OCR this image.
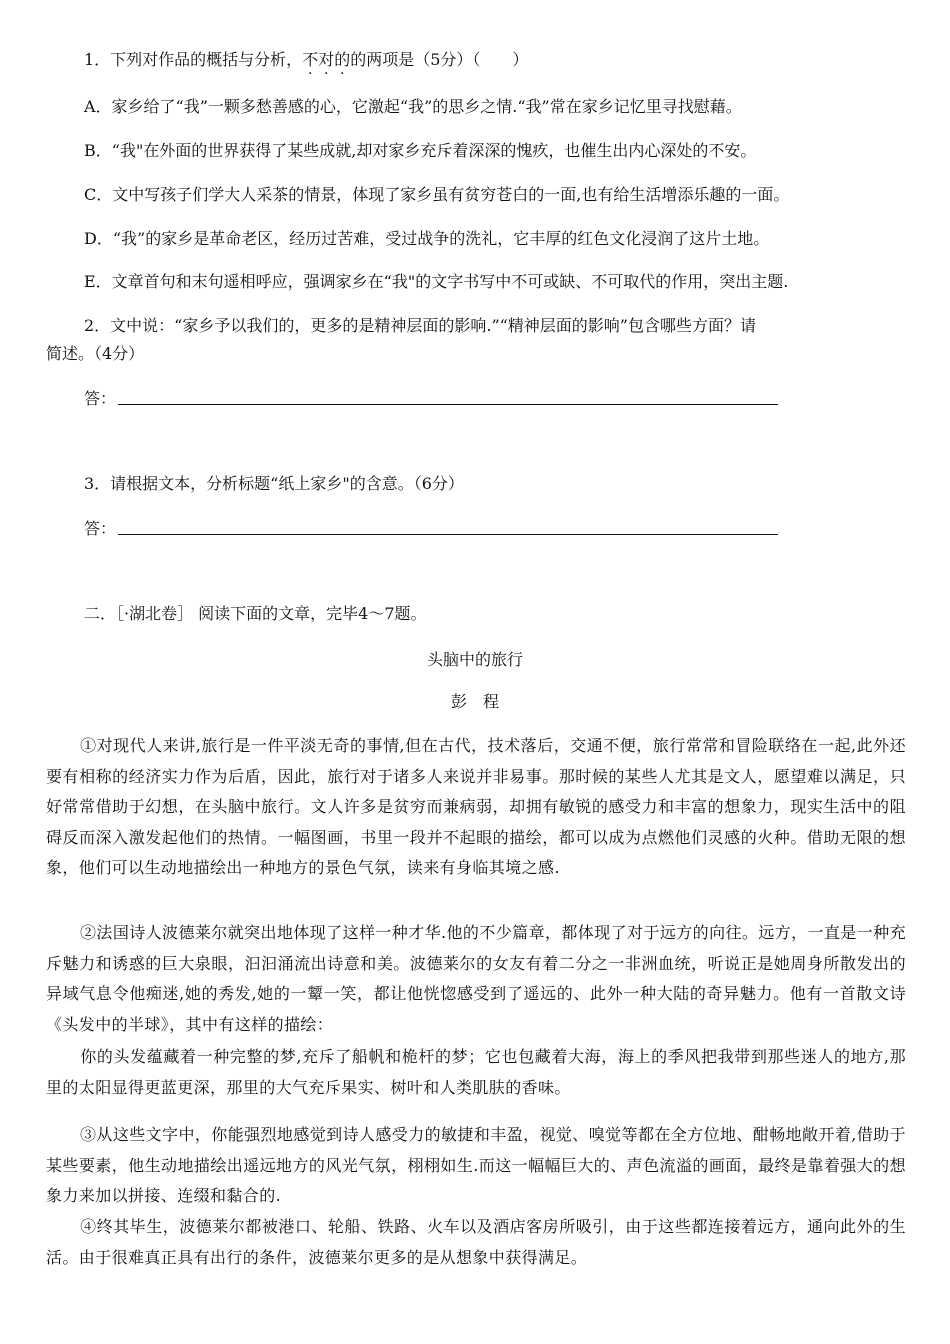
1．下列对作品的概括与分析，不对的的两项是（5分）（　　）
A．家乡给了“我”一颗多愁善感的心，它激起“我”的思乡之情.“我”常在家乡记忆里寻找慰藉。
B．“我"在外面的世界获得了某些成就,却对家乡充斥着深深的愧疚，也催生出内心深处的不安。
C．文中写孩子们学大人采茶的情景，体现了家乡虽有贫穷苍白的一面,也有给生活增添乐趣的一面。
D．“我”的家乡是革命老区，经历过苦难，受过战争的洗礼，它丰厚的红色文化浸润了这片土地。
E．文章首句和末句遥相呼应，强调家乡在“我"的文字书写中不可或缺、不可取代的作用，突出主题.
2．文中说：“家乡予以我们的，更多的是精神层面的影响.”“精神层面的影响”包含哪些方面？请
简述。（4分）
答：
3．请根据文本，分析标题“纸上家乡"的含意。（6分）
答：
二．［·湖北卷］ 阅读下面的文章，完毕4～7题。
头脑中的旅行
彭　程
①对现代人来讲,旅行是一件平淡无奇的事情,但在古代，技术落后，交通不便，旅行常常和冒险联络在一起,此外还要有相称的经济实力作为后盾，因此，旅行对于诸多人来说并非易事。那时候的某些人尤其是文人，愿望难以满足，只好常常借助于幻想，在头脑中旅行。文人许多是贫穷而兼病弱，却拥有敏锐的感受力和丰富的想象力，现实生活中的阻碍反而深入激发起他们的热情。一幅图画，书里一段并不起眼的描绘，都可以成为点燃他们灵感的火种。借助无限的想象，他们可以生动地描绘出一种地方的景色气氛，读来有身临其境之感.
②法国诗人波德莱尔就突出地体现了这样一种才华.他的不少篇章，都体现了对于远方的向往。远方，一直是一种充斥魅力和诱惑的巨大泉眼，汩汩涌流出诗意和美。波德莱尔的女友有着二分之一非洲血统，听说正是她周身所散发出的异域气息令他痴迷,她的秀发,她的一颦一笑，都让他恍惚感受到了遥远的、此外一种大陆的奇异魅力。他有一首散文诗《头发中的半球》，其中有这样的描绘：
你的头发蕴藏着一种完整的梦,充斥了船帆和桅杆的梦；它也包藏着大海，海上的季风把我带到那些迷人的地方,那里的太阳显得更蓝更深，那里的大气充斥果实、树叶和人类肌肤的香味。
③从这些文字中，你能强烈地感觉到诗人感受力的敏捷和丰盈，视觉、嗅觉等都在全方位地、酣畅地敞开着,借助于某些要素，他生动地描绘出遥远地方的风光气氛，栩栩如生.而这一幅幅巨大的、声色流溢的画面，最终是靠着强大的想象力来加以拼接、连缀和黏合的.
④终其毕生，波德莱尔都被港口、轮船、铁路、火车以及酒店客房所吸引，由于这些都连接着远方，通向此外的生活。由于很难真正具有出行的条件，波德莱尔更多的是从想象中获得满足。
